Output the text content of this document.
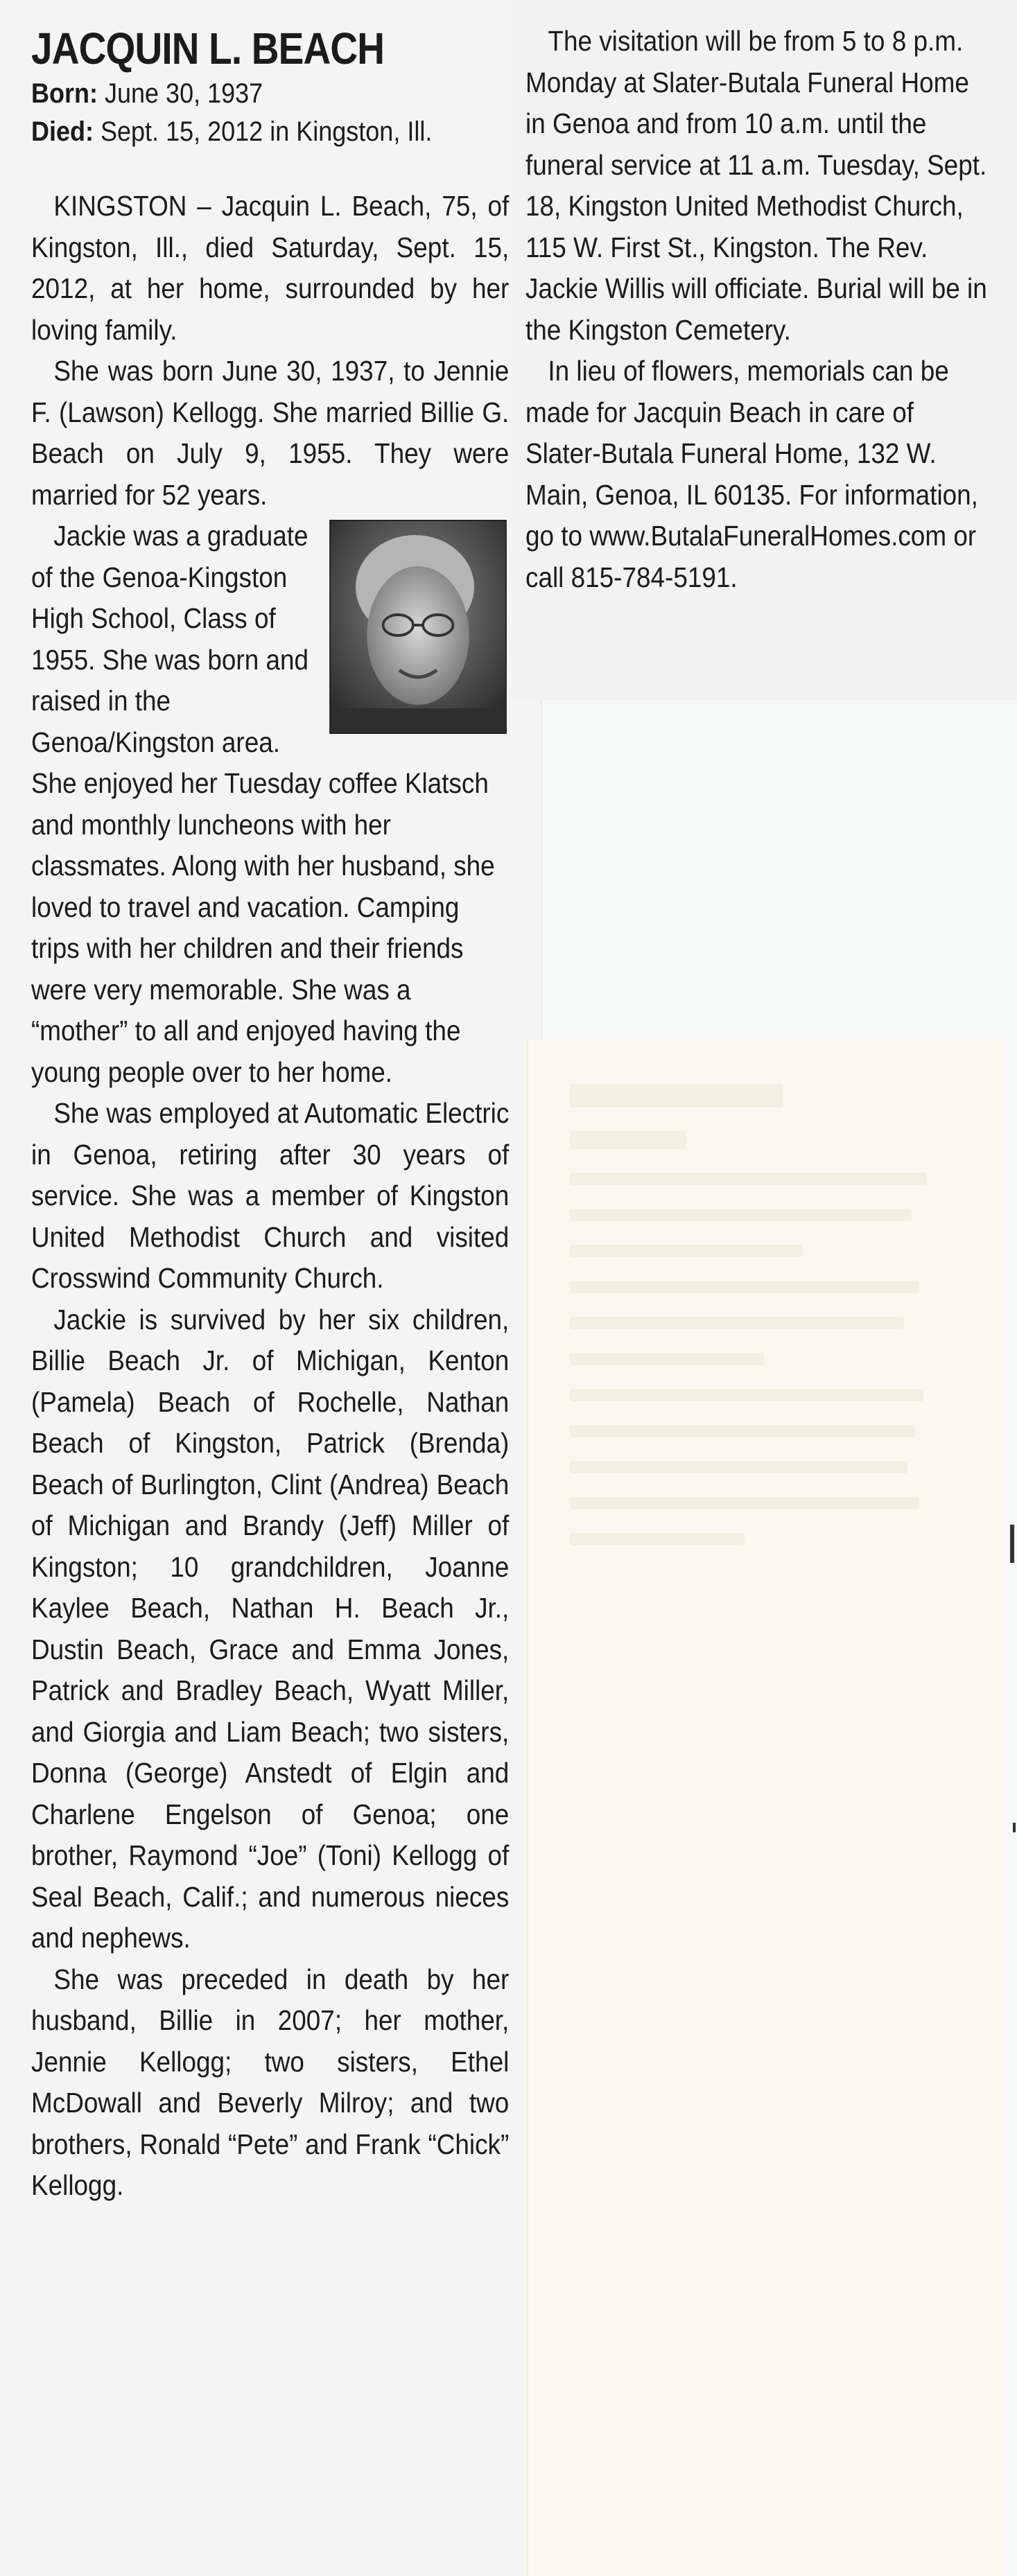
JACQUIN L. BEACH
Born: June 30, 1937
Died: Sept. 15, 2012 in Kingston, Ill.

KINGSTON – Jacquin L. Beach, 75, of Kingston, Ill., died Saturday, Sept. 15, 2012, at her home, surrounded by her loving family.

She was born June 30, 1937, to Jennie F. (Lawson) Kellogg. She married Billie G. Beach on July 9, 1955. They were married for 52 years.

Jackie was a graduate of the Genoa-Kingston High School, Class of 1955. She was born and raised in the Genoa/Kingston area. She enjoyed her Tuesday coffee Klatsch and monthly luncheons with her classmates. Along with her husband, she loved to travel and vacation. Camping trips with her children and their friends were very memorable. She was a “mother” to all and enjoyed having the young people over to her home.

She was employed at Automatic Electric in Genoa, retiring after 30 years of service. She was a member of Kingston United Methodist Church and visited Crosswind Community Church.

Jackie is survived by her six children, Billie Beach Jr. of Michigan, Kenton (Pamela) Beach of Rochelle, Nathan Beach of Kingston, Patrick (Brenda) Beach of Burlington, Clint (Andrea) Beach of Michigan and Brandy (Jeff) Miller of Kingston; 10 grandchildren, Joanne Kaylee Beach, Nathan H. Beach Jr., Dustin Beach, Grace and Emma Jones, Patrick and Bradley Beach, Wyatt Miller, and Giorgia and Liam Beach; two sisters, Donna (George) Anstedt of Elgin and Charlene Engelson of Genoa; one brother, Raymond “Joe” (Toni) Kellogg of Seal Beach, Calif.; and numerous nieces and nephews.

She was preceded in death by her husband, Billie in 2007; her mother, Jennie Kellogg; two sisters, Ethel McDowall and Beverly Milroy; and two brothers, Ronald “Pete” and Frank “Chick” Kellogg.

The visitation will be from 5 to 8 p.m. Monday at Slater-Butala Funeral Home in Genoa and from 10 a.m. until the funeral service at 11 a.m. Tuesday, Sept. 18, Kingston United Methodist Church, 115 W. First St., Kingston. The Rev. Jackie Willis will officiate. Burial will be in the Kingston Cemetery.

In lieu of flowers, memorials can be made for Jacquin Beach in care of Slater-Butala Funeral Home, 132 W. Main, Genoa, IL 60135. For information, go to www.ButalaFuneralHomes.com or call 815-784-5191.
